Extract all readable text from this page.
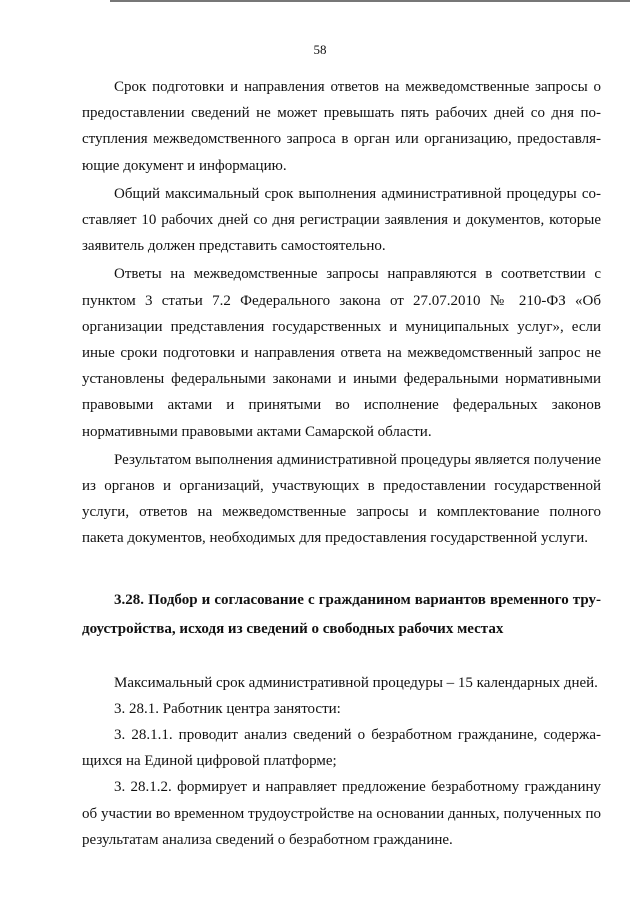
58

Срок подготовки и направления ответов на межведомственные запросы о предоставлении сведений не может превышать пять рабочих дней со дня поступления межведомственного запроса в орган или организацию, предоставляющие документ и информацию.

Общий максимальный срок выполнения административной процедуры составляет 10 рабочих дней со дня регистрации заявления и документов, которые заявитель должен представить самостоятельно.

Ответы на межведомственные запросы направляются в соответствии с пунктом 3 статьи 7.2 Федерального закона от 27.07.2010 № 210-ФЗ «Об организации представления государственных и муниципальных услуг», если иные сроки подготовки и направления ответа на межведомственный запрос не установлены федеральными законами и иными федеральными нормативными правовыми актами и принятыми во исполнение федеральных законов нормативными правовыми актами Самарской области.

Результатом выполнения административной процедуры является получение из органов и организаций, участвующих в предоставлении государственной услуги, ответов на межведомственные запросы и комплектование полного пакета документов, необходимых для предоставления государственной услуги.

3.28. Подбор и согласование с гражданином вариантов временного трудоустройства, исходя из сведений о свободных рабочих местах

Максимальный срок административной процедуры – 15 календарных дней.

3. 28.1. Работник центра занятости:

3. 28.1.1. проводит анализ сведений о безработном гражданине, содержащихся на Единой цифровой платформе;

3. 28.1.2. формирует и направляет предложение безработному гражданину об участии во временном трудоустройстве на основании данных, полученных по результатам анализа сведений о безработном гражданине.
